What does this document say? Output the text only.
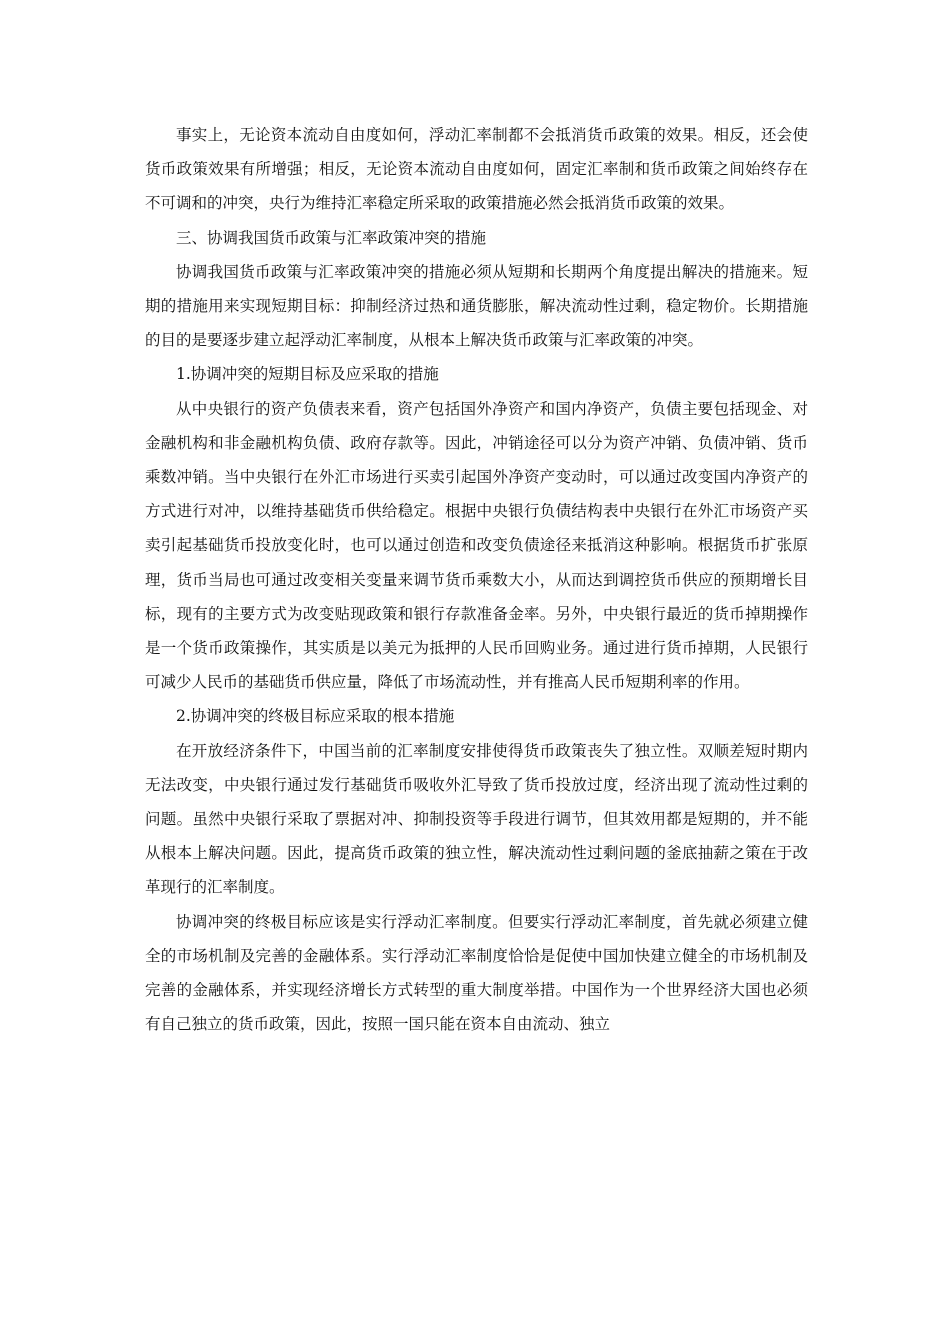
事实上，无论资本流动自由度如何，浮动汇率制都不会抵消货币政策的效果。相反，还会使货币政策效果有所增强；相反，无论资本流动自由度如何，固定汇率制和货币政策之间始终存在不可调和的冲突，央行为维持汇率稳定所采取的政策措施必然会抵消货币政策的效果。

三、协调我国货币政策与汇率政策冲突的措施

协调我国货币政策与汇率政策冲突的措施必须从短期和长期两个角度提出解决的措施来。短期的措施用来实现短期目标：抑制经济过热和通货膨胀，解决流动性过剩，稳定物价。长期措施的目的是要逐步建立起浮动汇率制度，从根本上解决货币政策与汇率政策的冲突。

1.协调冲突的短期目标及应采取的措施

从中央银行的资产负债表来看，资产包括国外净资产和国内净资产，负债主要包括现金、对金融机构和非金融机构负债、政府存款等。因此，冲销途径可以分为资产冲销、负债冲销、货币乘数冲销。当中央银行在外汇市场进行买卖引起国外净资产变动时，可以通过改变国内净资产的方式进行对冲，以维持基础货币供给稳定。根据中央银行负债结构表中央银行在外汇市场资产买卖引起基础货币投放变化时，也可以通过创造和改变负债途径来抵消这种影响。根据货币扩张原理，货币当局也可通过改变相关变量来调节货币乘数大小，从而达到调控货币供应的预期增长目标，现有的主要方式为改变贴现政策和银行存款准备金率。另外，中央银行最近的货币掉期操作是一个货币政策操作，其实质是以美元为抵押的人民币回购业务。通过进行货币掉期，人民银行可减少人民币的基础货币供应量，降低了市场流动性，并有推高人民币短期利率的作用。

2.协调冲突的终极目标应采取的根本措施

在开放经济条件下，中国当前的汇率制度安排使得货币政策丧失了独立性。双顺差短时期内无法改变，中央银行通过发行基础货币吸收外汇导致了货币投放过度，经济出现了流动性过剩的问题。虽然中央银行采取了票据对冲、抑制投资等手段进行调节，但其效用都是短期的，并不能从根本上解决问题。因此，提高货币政策的独立性，解决流动性过剩问题的釜底抽薪之策在于改革现行的汇率制度。

协调冲突的终极目标应该是实行浮动汇率制度。但要实行浮动汇率制度，首先就必须建立健全的市场机制及完善的金融体系。实行浮动汇率制度恰恰是促使中国加快建立健全的市场机制及完善的金融体系，并实现经济增长方式转型的重大制度举措。中国作为一个世界经济大国也必须有自己独立的货币政策，因此，按照一国只能在资本自由流动、独立
